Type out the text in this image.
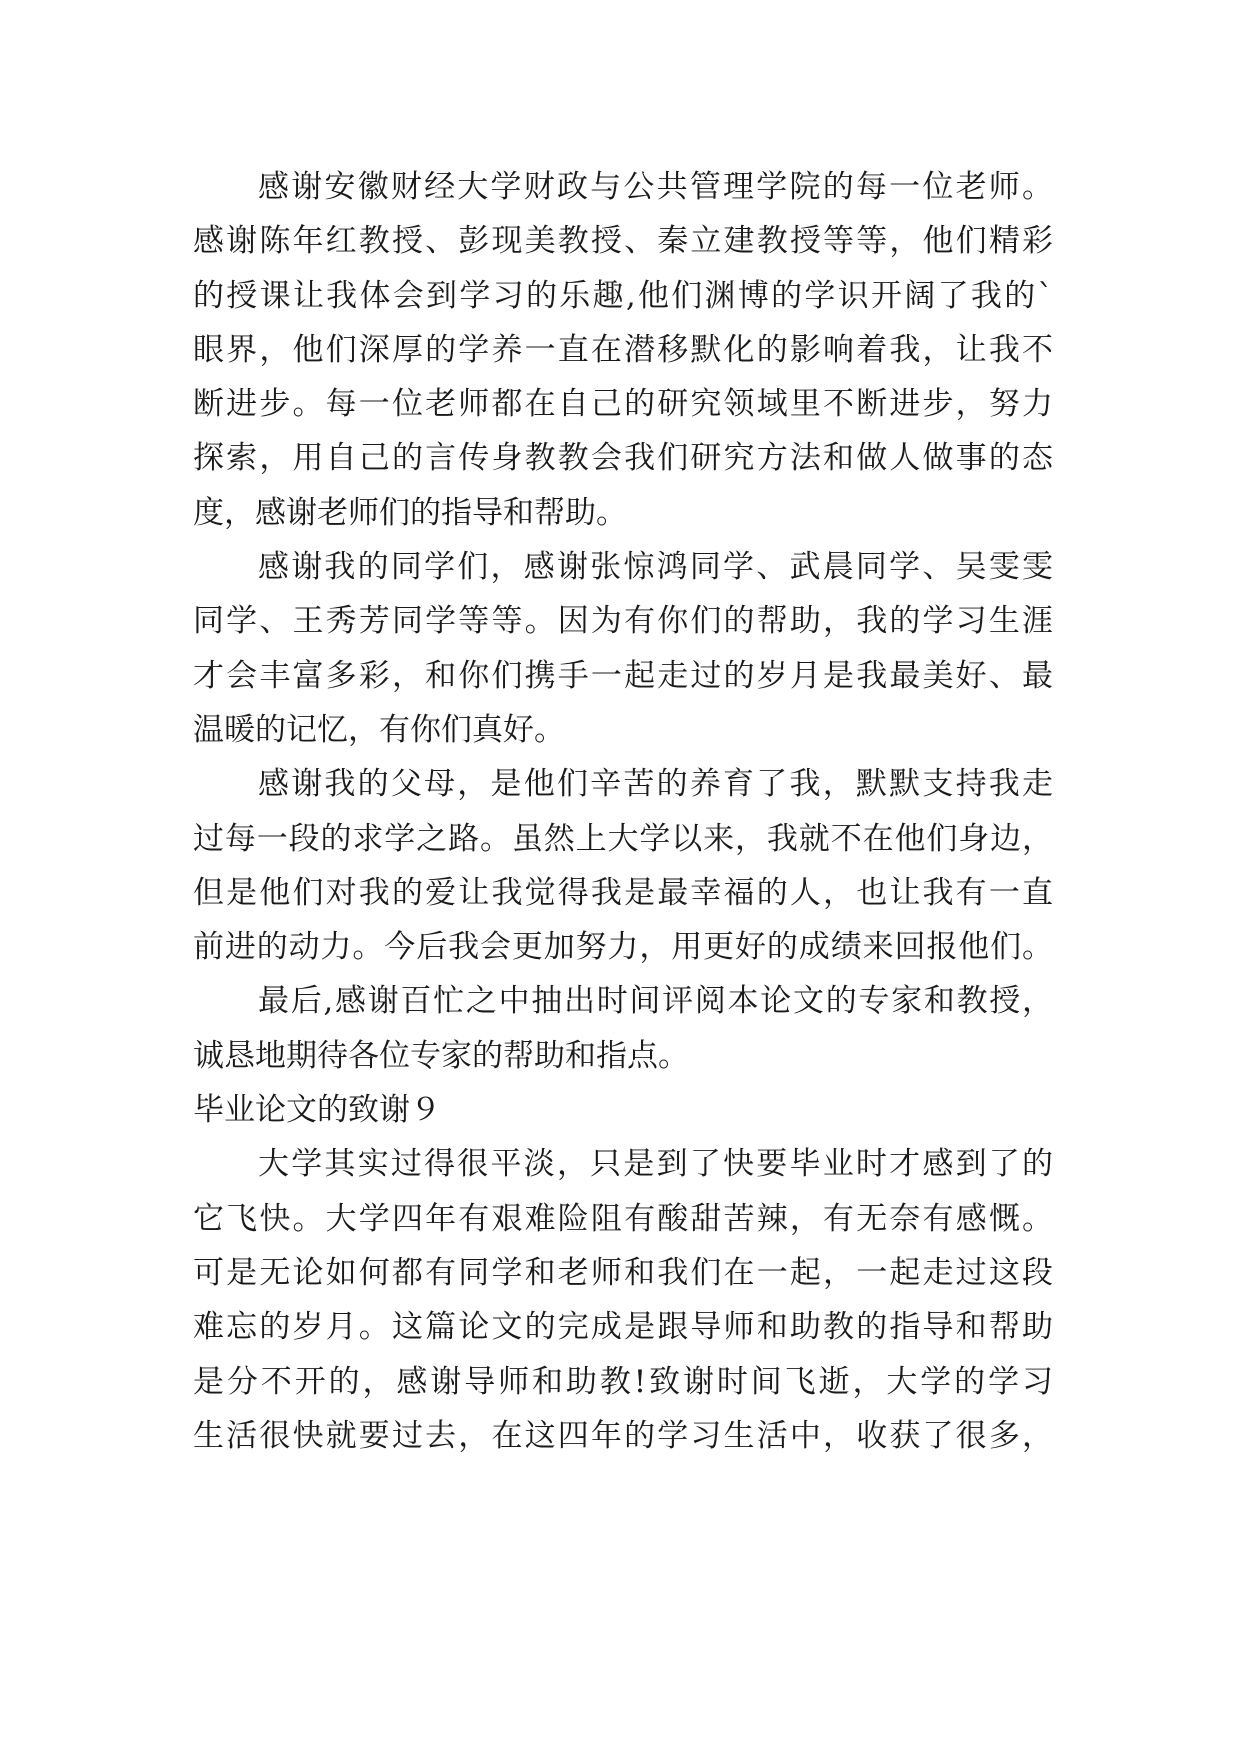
感谢安徽财经大学财政与公共管理学院的每一位老师。
感谢陈年红教授、彭现美教授、秦立建教授等等，他们精彩
的授课让我体会到学习的乐趣,他们渊博的学识开阔了我的`
眼界，他们深厚的学养一直在潜移默化的影响着我，让我不
断进步。每一位老师都在自己的研究领域里不断进步，努力
探索，用自己的言传身教教会我们研究方法和做人做事的态
度，感谢老师们的指导和帮助。
感谢我的同学们，感谢张惊鸿同学、武晨同学、吴雯雯
同学、王秀芳同学等等。因为有你们的帮助，我的学习生涯
才会丰富多彩，和你们携手一起走过的岁月是我最美好、最
温暖的记忆，有你们真好。
感谢我的父母，是他们辛苦的养育了我，默默支持我走
过每一段的求学之路。虽然上大学以来，我就不在他们身边，
但是他们对我的爱让我觉得我是最幸福的人，也让我有一直
前进的动力。今后我会更加努力，用更好的成绩来回报他们。
最后,感谢百忙之中抽出时间评阅本论文的专家和教授，
诚恳地期待各位专家的帮助和指点。
毕业论文的致谢９
大学其实过得很平淡，只是到了快要毕业时才感到了的
它飞快。大学四年有艰难险阻有酸甜苦辣，有无奈有感慨。
可是无论如何都有同学和老师和我们在一起，一起走过这段
难忘的岁月。这篇论文的完成是跟导师和助教的指导和帮助
是分不开的，感谢导师和助教!致谢时间飞逝，大学的学习
生活很快就要过去，在这四年的学习生活中，收获了很多，
